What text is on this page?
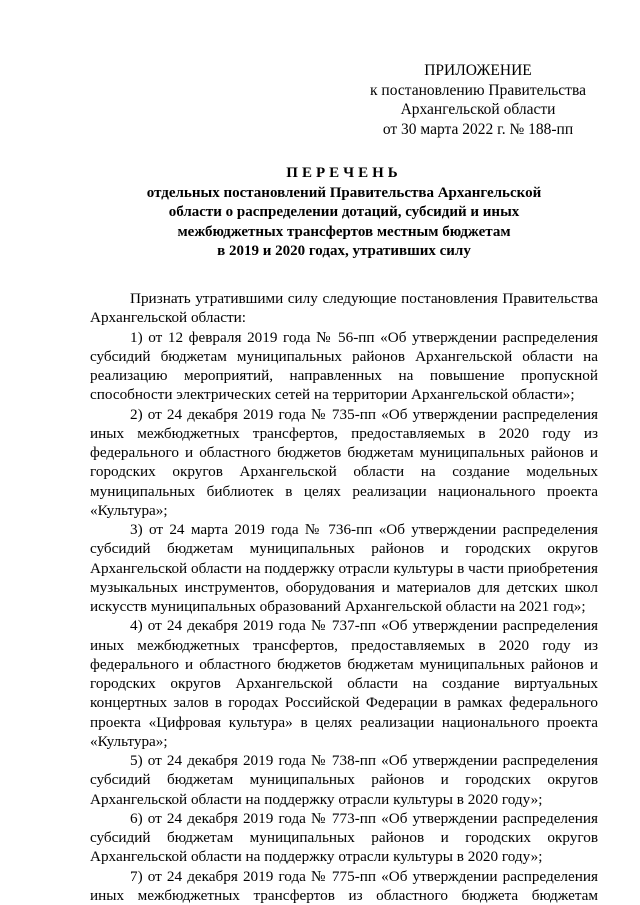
ПРИЛОЖЕНИЕ
к постановлению Правительства
Архангельской области
от 30 марта 2022 г. № 188-пп
ПЕРЕЧЕНЬ
отдельных постановлений Правительства Архангельской
области о распределении дотаций, субсидий и иных
межбюджетных трансфертов местным бюджетам
в 2019 и 2020 годах, утративших силу

Признать утратившими силу следующие постановления Правительства Архангельской области:

1) от 12 февраля 2019 года № 56-пп «Об утверждении распределения субсидий бюджетам муниципальных районов Архангельской области на реализацию мероприятий, направленных на повышение пропускной способности электрических сетей на территории Архангельской области»;

2) от 24 декабря 2019 года № 735-пп «Об утверждении распределения иных межбюджетных трансфертов, предоставляемых в 2020 году из федерального и областного бюджетов бюджетам муниципальных районов и городских округов Архангельской области на создание модельных муниципальных библиотек в целях реализации национального проекта «Культура»;

3) от 24 марта 2019 года № 736-пп «Об утверждении распределения субсидий бюджетам муниципальных районов и городских округов Архангельской области на поддержку отрасли культуры в части приобретения музыкальных инструментов, оборудования и материалов для детских школ искусств муниципальных образований Архангельской области на 2021 год»;

4) от 24 декабря 2019 года № 737-пп «Об утверждении распределения иных межбюджетных трансфертов, предоставляемых в 2020 году из федерального и областного бюджетов бюджетам муниципальных районов и городских округов Архангельской области на создание виртуальных концертных залов в городах Российской Федерации в рамках федерального проекта «Цифровая культура» в целях реализации национального проекта «Культура»;

5) от 24 декабря 2019 года № 738-пп «Об утверждении распределения субсидий бюджетам муниципальных районов и городских округов Архангельской области на поддержку отрасли культуры в 2020 году»;

6) от 24 декабря 2019 года № 773-пп «Об утверждении распределения субсидий бюджетам муниципальных районов и городских округов Архангельской области на поддержку отрасли культуры в 2020 году»;

7) от 24 декабря 2019 года № 775-пп «Об утверждении распределения иных межбюджетных трансфертов из областного бюджета бюджетам
